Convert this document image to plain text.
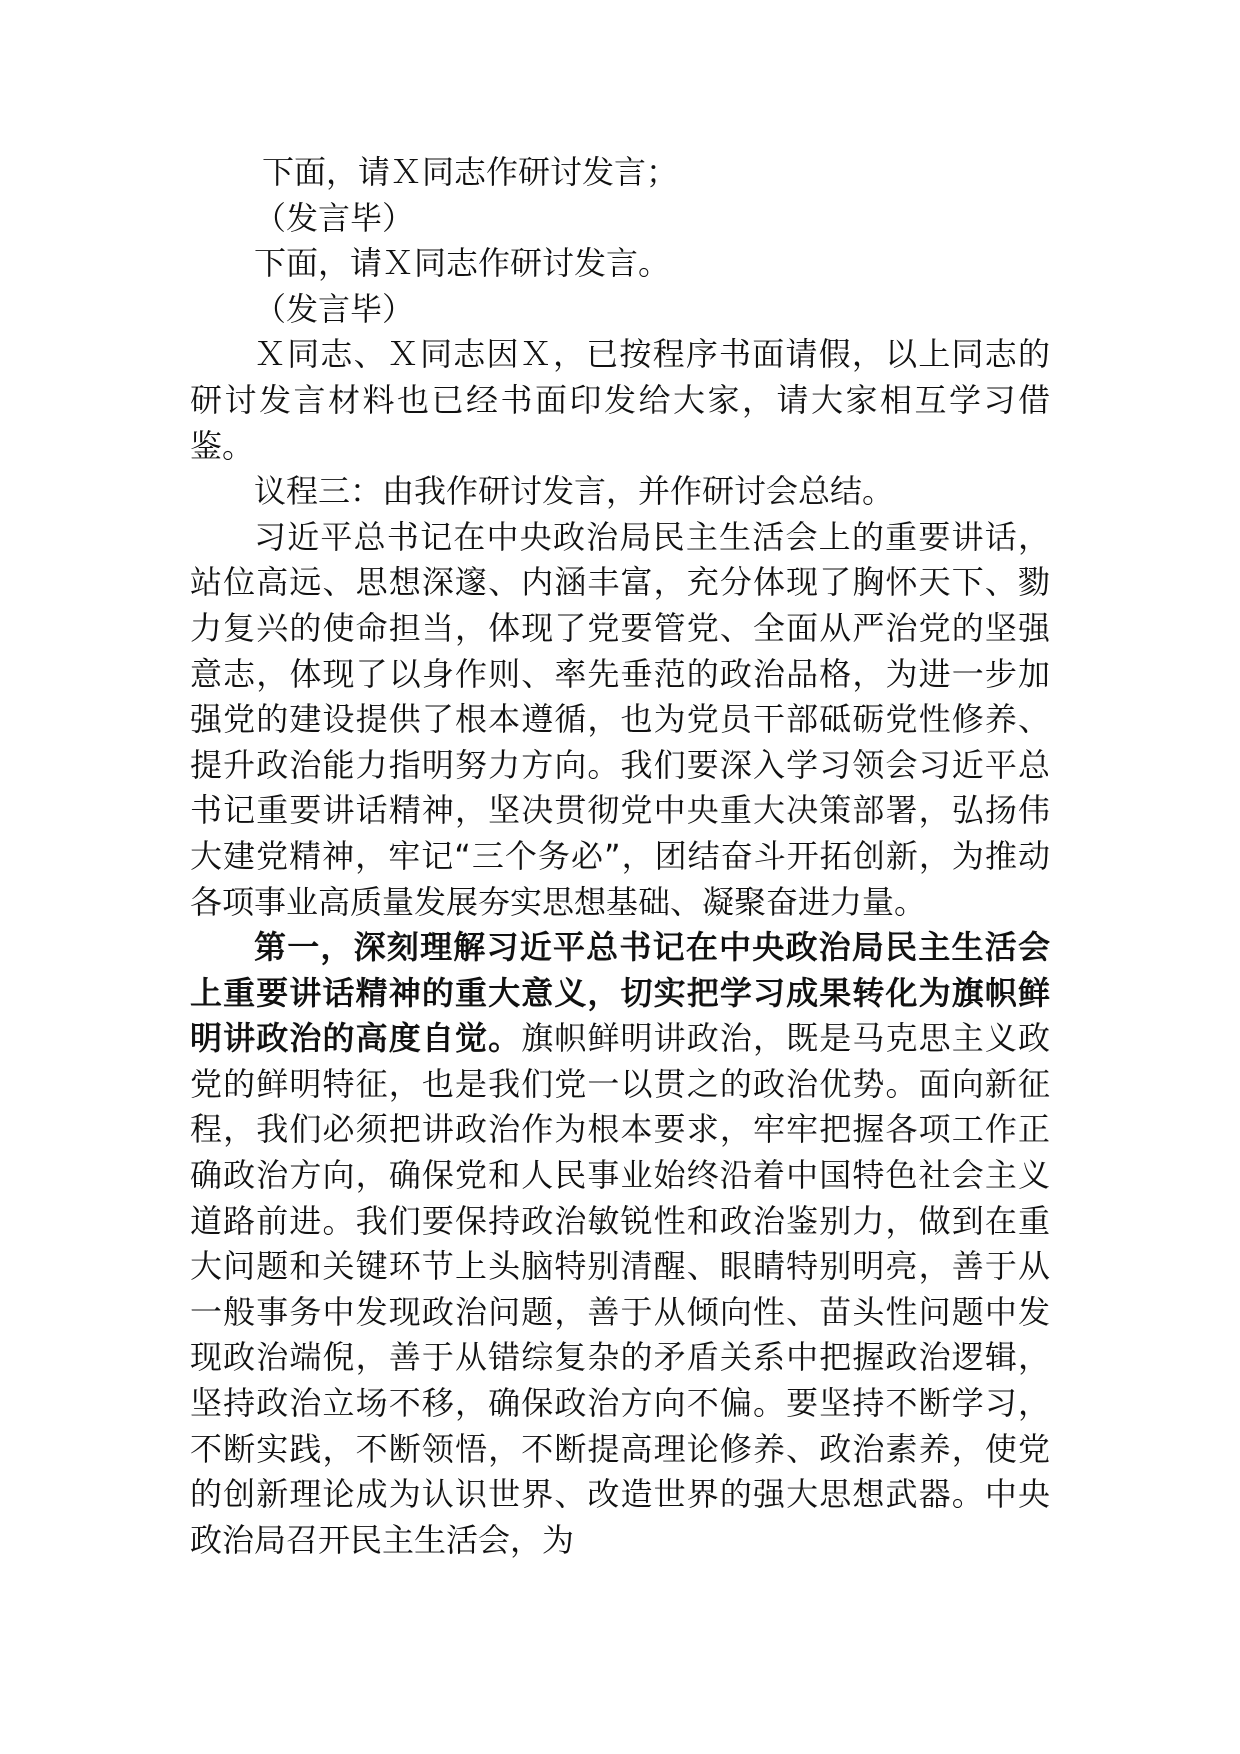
下面，请Ｘ同志作研讨发言；

（发言毕）

下面，请Ｘ同志作研讨发言。

（发言毕）

Ｘ同志、Ｘ同志因Ｘ，已按程序书面请假，以上同志的研讨发言材料也已经书面印发给大家，请大家相互学习借鉴。

议程三：由我作研讨发言，并作研讨会总结。

习近平总书记在中央政治局民主生活会上的重要讲话，站位高远、思想深邃、内涵丰富，充分体现了胸怀天下、勠力复兴的使命担当，体现了党要管党、全面从严治党的坚强意志，体现了以身作则、率先垂范的政治品格，为进一步加强党的建设提供了根本遵循，也为党员干部砥砺党性修养、提升政治能力指明努力方向。我们要深入学习领会习近平总书记重要讲话精神，坚决贯彻党中央重大决策部署，弘扬伟大建党精神，牢记“三个务必”，团结奋斗开拓创新，为推动各项事业高质量发展夯实思想基础、凝聚奋进力量。

第一，深刻理解习近平总书记在中央政治局民主生活会上重要讲话精神的重大意义，切实把学习成果转化为旗帜鲜明讲政治的高度自觉。旗帜鲜明讲政治，既是马克思主义政党的鲜明特征，也是我们党一以贯之的政治优势。面向新征程，我们必须把讲政治作为根本要求，牢牢把握各项工作正确政治方向，确保党和人民事业始终沿着中国特色社会主义道路前进。我们要保持政治敏锐性和政治鉴别力，做到在重大问题和关键环节上头脑特别清醒、眼睛特别明亮，善于从一般事务中发现政治问题，善于从倾向性、苗头性问题中发现政治端倪，善于从错综复杂的矛盾关系中把握政治逻辑，坚持政治立场不移，确保政治方向不偏。要坚持不断学习，不断实践，不断领悟，不断提高理论修养、政治素养，使党的创新理论成为认识世界、改造世界的强大思想武器。中央政治局召开民主生活会，为
